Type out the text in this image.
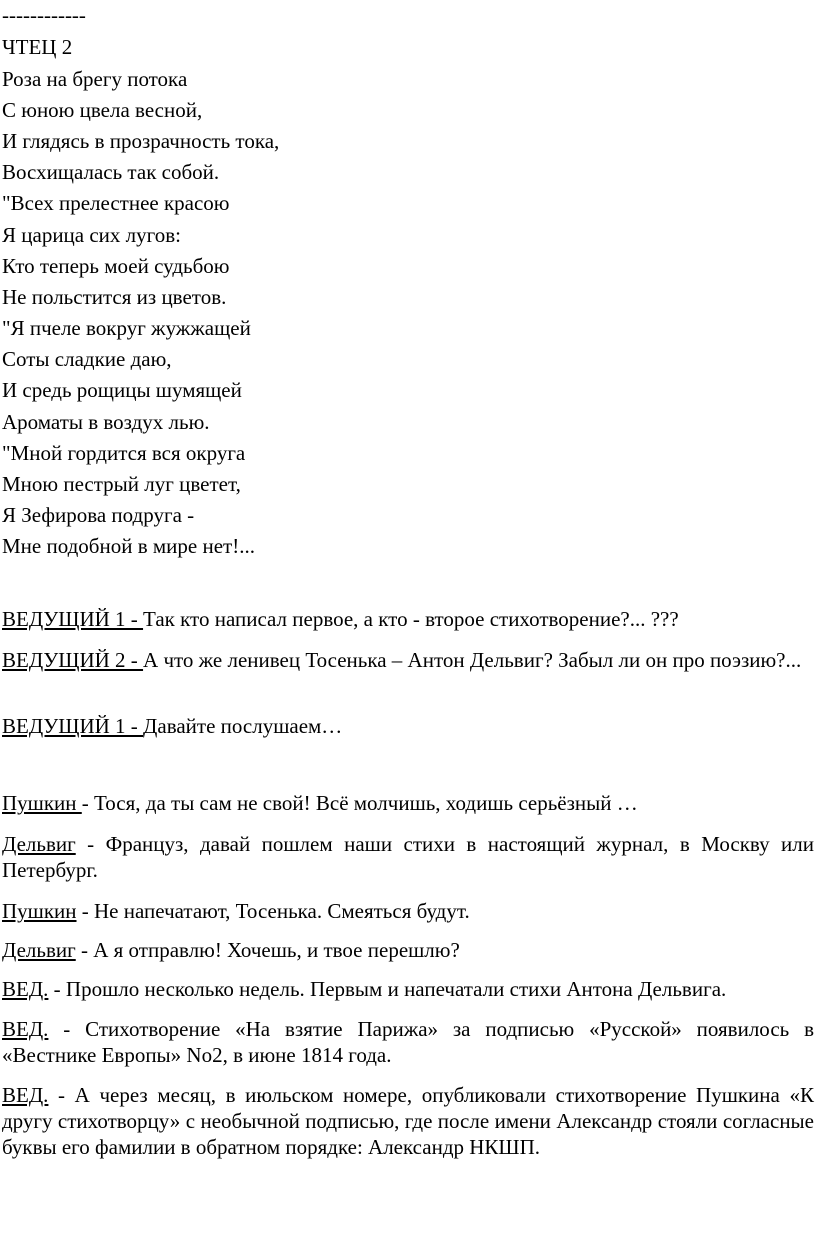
------------
ЧТЕЦ 2
Роза на брегу потока
С юною цвела весной,
И глядясь в прозрачность тока,
Восхищалась так собой.
"Всех прелестнее красою
Я царица сих лугов:
Кто теперь моей судьбою
Не польстится из цветов.
"Я пчеле вокруг жужжащей
Соты сладкие даю,
И средь рощицы шумящей
Ароматы в воздух лью.
"Мной гордится вся округа
Мною пестрый луг цветет,
Я Зефирова подруга -
Мне подобной в мире нет!...
ВЕДУЩИЙ 1 - Так кто написал первое, а кто - второе стихотворение?... ???
ВЕДУЩИЙ 2 - А что же ленивец Тосенька – Антон Дельвиг? Забыл ли он про поэзию?...
ВЕДУЩИЙ 1 - Давайте послушаем…
Пушкин - Тося, да ты сам не свой! Всё молчишь, ходишь серьёзный …
Дельвиг - Француз, давай пошлем наши стихи в настоящий журнал, в Москву или Петербург.
Пушкин - Не напечатают, Тосенька. Смеяться будут.
Дельвиг - А я отправлю! Хочешь, и твое перешлю?
ВЕД. - Прошло несколько недель. Первым и напечатали стихи Антона Дельвига.
ВЕД. - Стихотворение «На взятие Парижа» за подписью «Русской» появилось в «Вестнике Европы» No2, в июне 1814 года.
ВЕД. - А через месяц, в июльском номере, опубликовали стихотворение Пушкина «К другу стихотворцу» с необычной подписью, где после имени Александр стояли согласные буквы его фамилии в обратном порядке: Александр НКШП.
